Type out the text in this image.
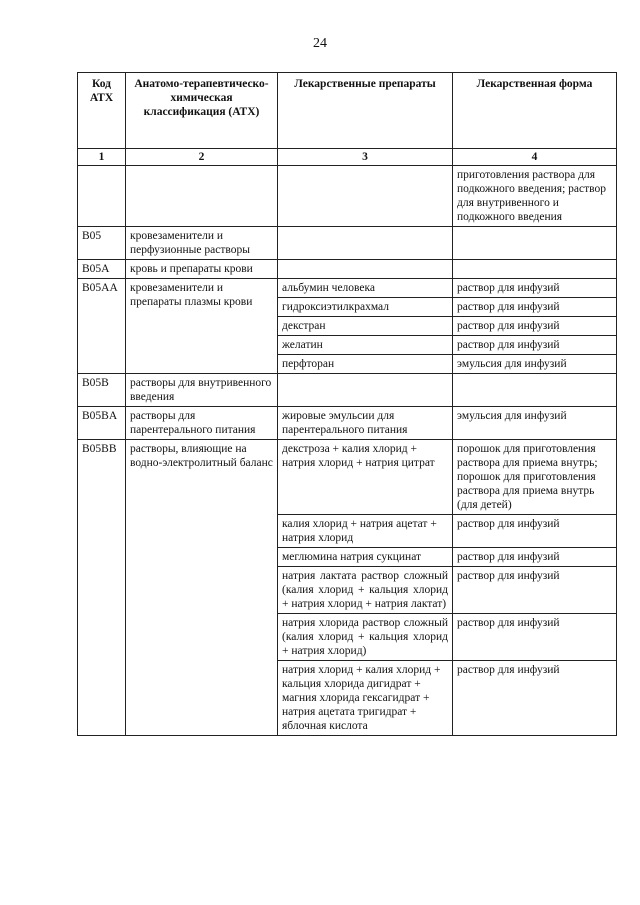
24
Код АТХ	Анатомо-терапевтическо-химическая классификация (АТХ)	Лекарственные препараты	Лекарственная форма
1	2	3	4
			приготовления раствора для подкожного введения; раствор для внутривенного и подкожного введения
B05	кровезаменители и перфузионные растворы		
B05A	кровь и препараты крови		
B05AA	кровезаменители и препараты плазмы крови	альбумин человека	раствор для инфузий
		гидроксиэтилкрахмал	раствор для инфузий
		декстран	раствор для инфузий
		желатин	раствор для инфузий
		перфторан	эмульсия для инфузий
B05B	растворы для внутривенного введения		
B05BA	растворы для парентерального питания	жировые эмульсии для парентерального питания	эмульсия для инфузий
B05BB	растворы, влияющие на водно-электролитный баланс	декстроза + калия хлорид + натрия хлорид + натрия цитрат	порошок для приготовления раствора для приема внутрь; порошок для приготовления раствора для приема внутрь (для детей)
		калия хлорид + натрия ацетат + натрия хлорид	раствор для инфузий
		меглюмина натрия сукцинат	раствор для инфузий
		натрия лактата раствор сложный (калия хлорид + кальция хлорид + натрия хлорид + натрия лактат)	раствор для инфузий
		натрия хлорида раствор сложный (калия хлорид + кальция хлорид + натрия хлорид)	раствор для инфузий
		натрия хлорид + калия хлорид + кальция хлорида дигидрат + магния хлорида гексагидрат + натрия ацетата тригидрат + яблочная кислота	раствор для инфузий
